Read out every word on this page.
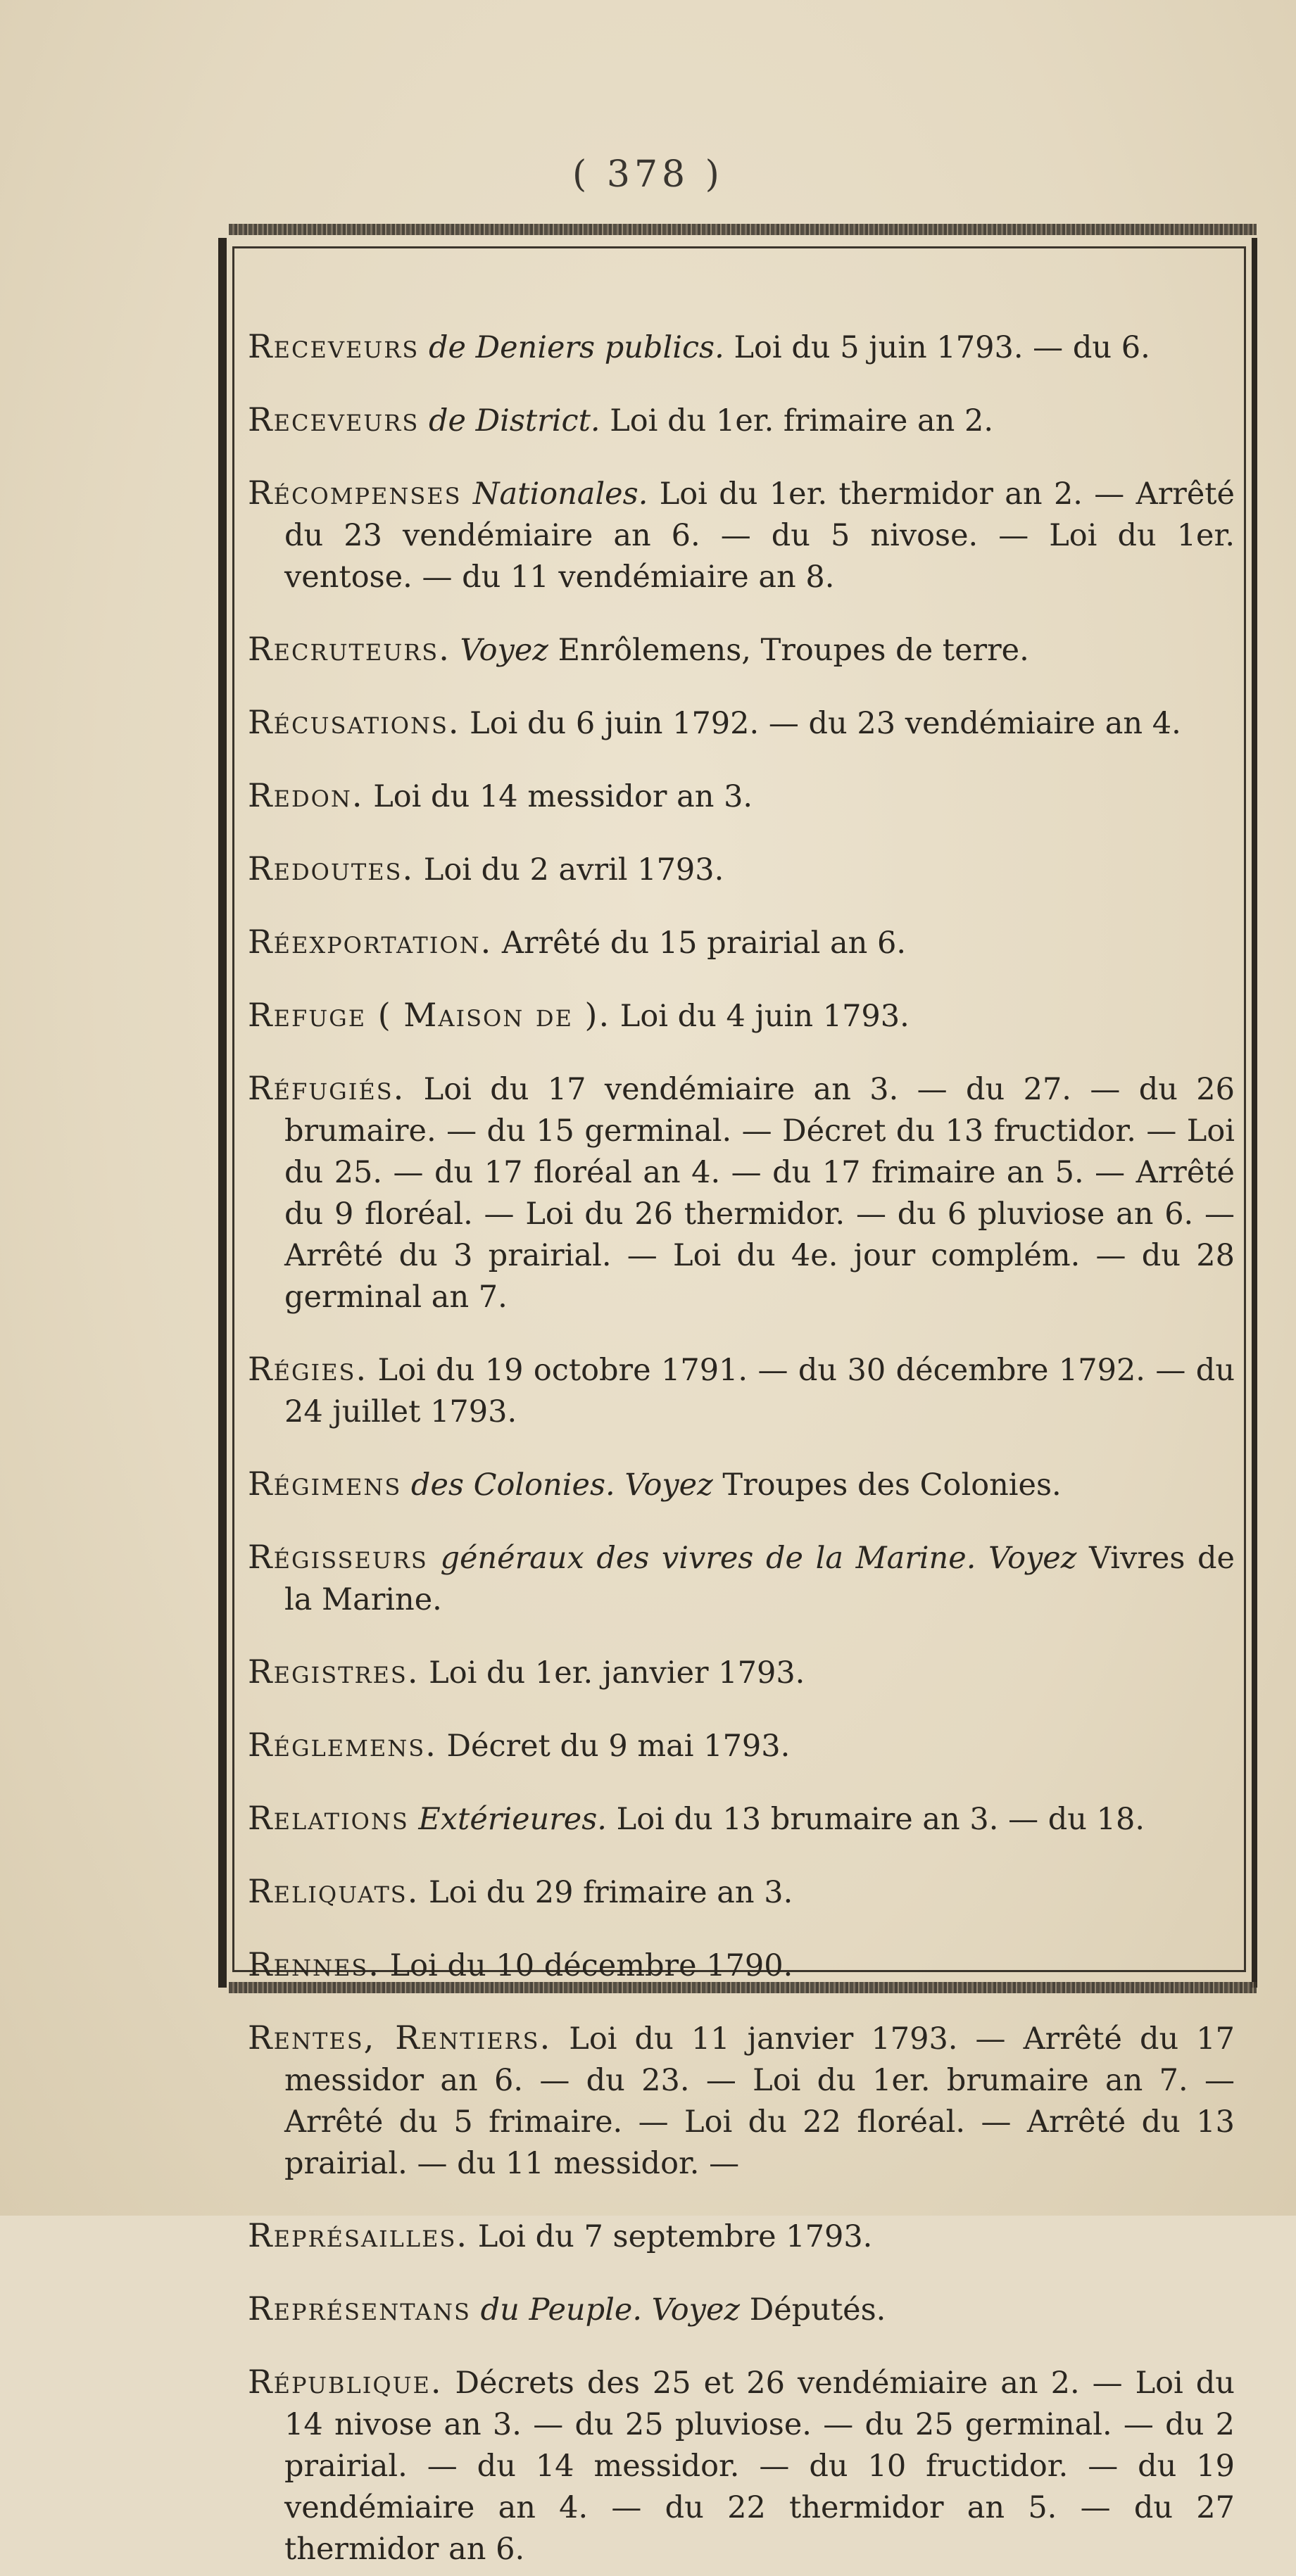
( 378 )

Receveurs de Deniers publics. Loi du 5 juin 1793. — du 6.

Receveurs de District. Loi du 1er. frimaire an 2.

Récompenses Nationales. Loi du 1er. thermidor an 2. — Arrêté du 23 vendémiaire an 6. — du 5 nivose. — Loi du 1er. ventose. — du 11 vendémiaire an 8.

Recruteurs. Voyez Enrôlemens, Troupes de terre.

Récusations. Loi du 6 juin 1792. — du 23 vendémiaire an 4.

Redon. Loi du 14 messidor an 3.

Redoutes. Loi du 2 avril 1793.

Réexportation. Arrêté du 15 prairial an 6.

Refuge ( Maison de ). Loi du 4 juin 1793.

Réfugiés. Loi du 17 vendémiaire an 3. — du 27. — du 26 brumaire. — du 15 germinal. — Décret du 13 fructidor. — Loi du 25. — du 17 floréal an 4. — du 17 frimaire an 5. — Arrêté du 9 floréal. — Loi du 26 thermidor. — du 6 pluviose an 6. — Arrêté du 3 prairial. — Loi du 4e. jour complém. — du 28 germinal an 7.

Régies. Loi du 19 octobre 1791. — du 30 décembre 1792. — du 24 juillet 1793.

Régimens des Colonies. Voyez Troupes des Colonies.

Régisseurs généraux des vivres de la Marine. Voyez Vivres de la Marine.

Registres. Loi du 1er. janvier 1793.

Réglemens. Décret du 9 mai 1793.

Relations Extérieures. Loi du 13 brumaire an 3. — du 18.

Reliquats. Loi du 29 frimaire an 3.

Rennes. Loi du 10 décembre 1790.

Rentes, Rentiers. Loi du 11 janvier 1793. — Arrêté du 17 messidor an 6. — du 23. — Loi du 1er. brumaire an 7. — Arrêté du 5 frimaire. — Loi du 22 floréal. — Arrêté du 13 prairial. — du 11 messidor. —

Représailles. Loi du 7 septembre 1793.

Représentans du Peuple. Voyez Députés.

République. Décrets des 25 et 26 vendémiaire an 2. — Loi du 14 nivose an 3. — du 25 pluviose. — du 25 germinal. — du 2 prairial. — du 14 messidor. — du 10 fructidor. — du 19 vendémiaire an 4. — du 22 thermidor an 5. — du 27 thermidor an 6.
